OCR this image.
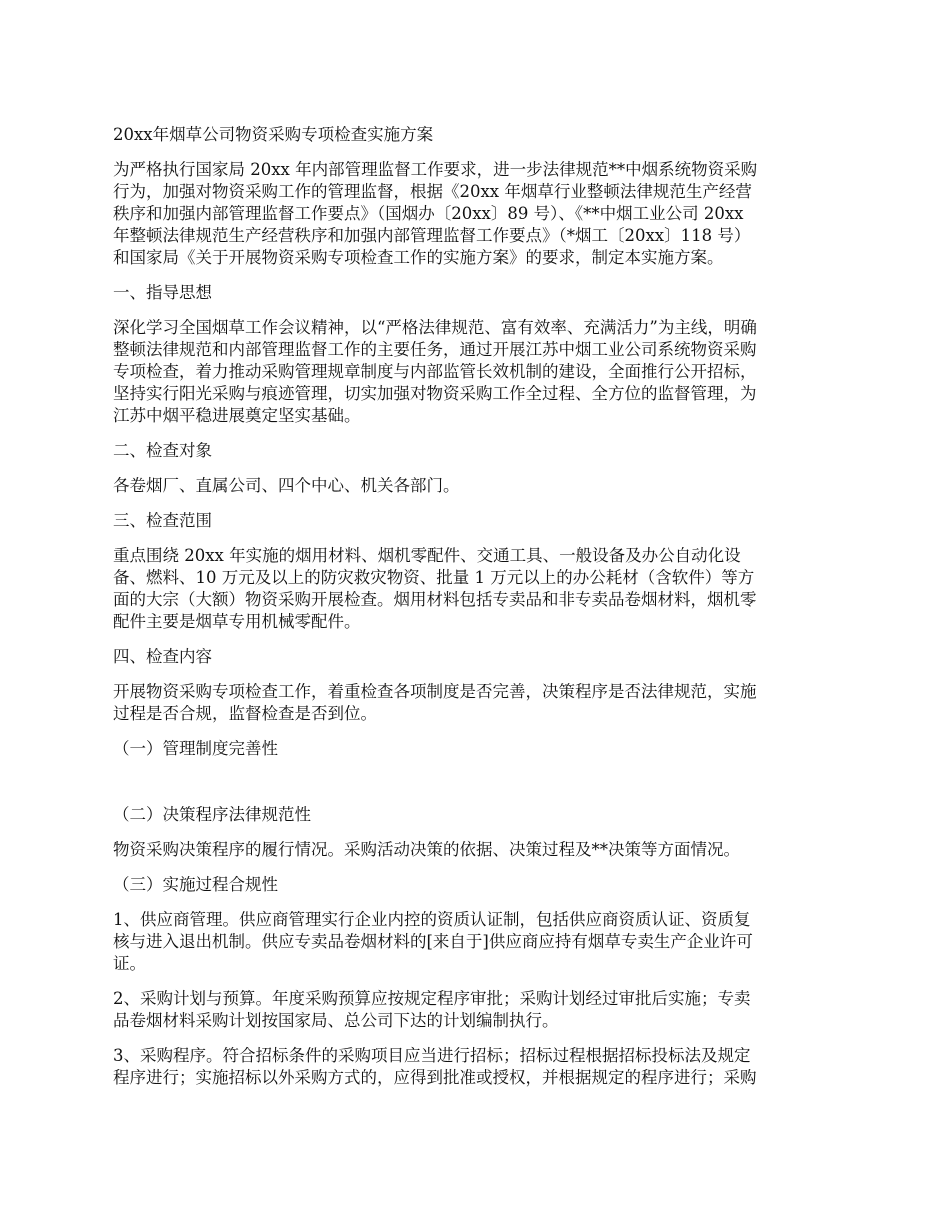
20xx年烟草公司物资采购专项检查实施方案
为严格执行国家局 20xx 年内部管理监督工作要求，进一步法律规范**中烟系统物资采购
行为，加强对物资采购工作的管理监督，根据《20xx 年烟草行业整顿法律规范生产经营
秩序和加强内部管理监督工作要点》（国烟办〔20xx〕89 号）、《**中烟工业公司 20xx
年整顿法律规范生产经营秩序和加强内部管理监督工作要点》（*烟工〔20xx〕118 号）
和国家局《关于开展物资采购专项检查工作的实施方案》的要求，制定本实施方案。
一、指导思想
深化学习全国烟草工作会议精神，以“严格法律规范、富有效率、充满活力”为主线，明确
整顿法律规范和内部管理监督工作的主要任务，通过开展江苏中烟工业公司系统物资采购
专项检查，着力推动采购管理规章制度与内部监管长效机制的建设，全面推行公开招标，
坚持实行阳光采购与痕迹管理，切实加强对物资采购工作全过程、全方位的监督管理，为
江苏中烟平稳进展奠定坚实基础。
二、检查对象
各卷烟厂、直属公司、四个中心、机关各部门。
三、检查范围
重点围绕 20xx 年实施的烟用材料、烟机零配件、交通工具、一般设备及办公自动化设
备、燃料、10 万元及以上的防灾救灾物资、批量 1 万元以上的办公耗材（含软件）等方
面的大宗（大额）物资采购开展检查。烟用材料包括专卖品和非专卖品卷烟材料，烟机零
配件主要是烟草专用机械零配件。
四、检查内容
开展物资采购专项检查工作，着重检查各项制度是否完善，决策程序是否法律规范，实施
过程是否合规，监督检查是否到位。
（一）管理制度完善性
（二）决策程序法律规范性
物资采购决策程序的履行情况。采购活动决策的依据、决策过程及**决策等方面情况。
（三）实施过程合规性
1、供应商管理。供应商管理实行企业内控的资质认证制，包括供应商资质认证、资质复
核与进入退出机制。供应专卖品卷烟材料的[来自于]供应商应持有烟草专卖生产企业许可
证。
2、采购计划与预算。年度采购预算应按规定程序审批；采购计划经过审批后实施；专卖
品卷烟材料采购计划按国家局、总公司下达的计划编制执行。
3、采购程序。符合招标条件的采购项目应当进行招标；招标过程根据招标投标法及规定
程序进行；实施招标以外采购方式的，应得到批准或授权，并根据规定的程序进行；采购
